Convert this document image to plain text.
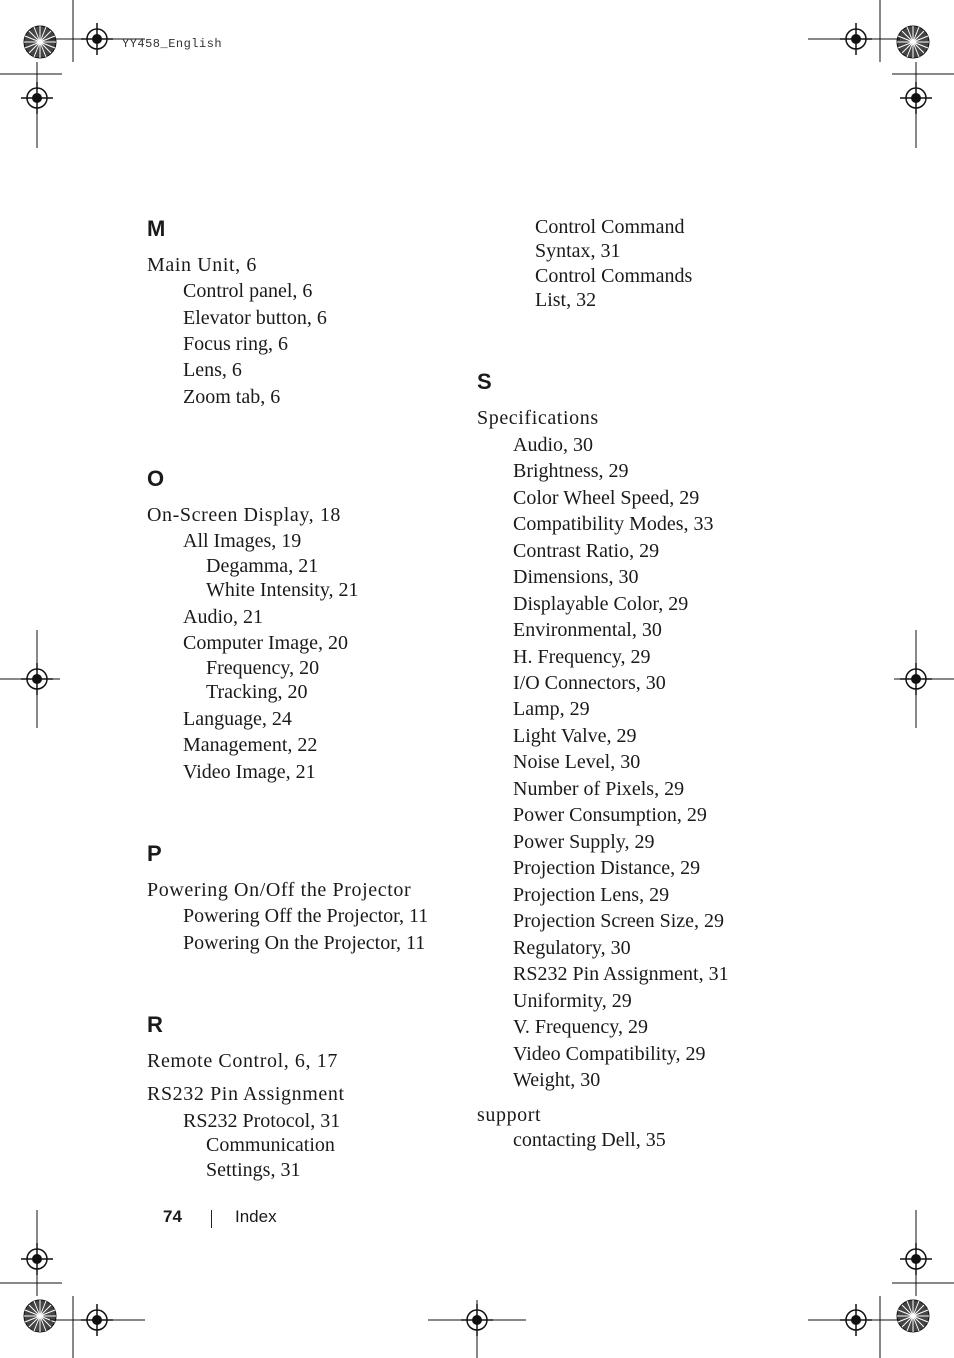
YY458_English
M
Main Unit, 6
Control panel, 6
Elevator button, 6
Focus ring, 6
Lens, 6
Zoom tab, 6
O
On-Screen Display, 18
All Images, 19
Degamma, 21
White Intensity, 21
Audio, 21
Computer Image, 20
Frequency, 20
Tracking, 20
Language, 24
Management, 22
Video Image, 21
P
Powering On/Off the Projector
Powering Off the Projector, 11
Powering On the Projector, 11
R
Remote Control, 6, 17
RS232 Pin Assignment
RS232 Protocol, 31
Communication
Settings, 31
Control Command
Syntax, 31
Control Commands
List, 32
S
Specifications
Audio, 30
Brightness, 29
Color Wheel Speed, 29
Compatibility Modes, 33
Contrast Ratio, 29
Dimensions, 30
Displayable Color, 29
Environmental, 30
H. Frequency, 29
I/O Connectors, 30
Lamp, 29
Light Valve, 29
Noise Level, 30
Number of Pixels, 29
Power Consumption, 29
Power Supply, 29
Projection Distance, 29
Projection Lens, 29
Projection Screen Size, 29
Regulatory, 30
RS232 Pin Assignment, 31
Uniformity, 29
V. Frequency, 29
Video Compatibility, 29
Weight, 30
support
contacting Dell, 35
74	Index
